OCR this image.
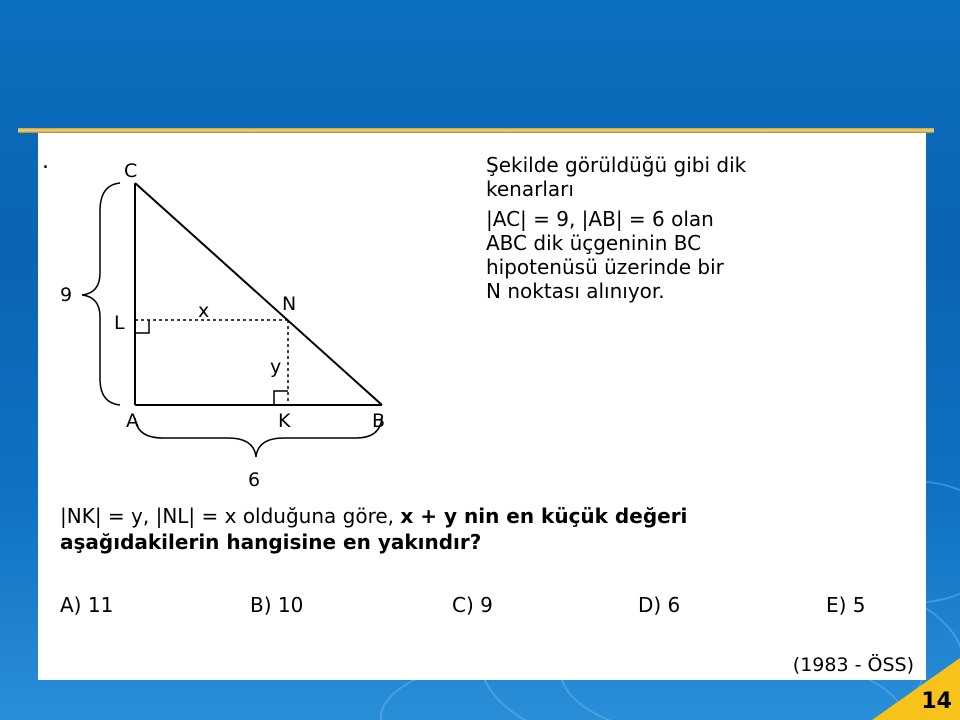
.	C
A	B
L
N
K
x
y
9
6
Şekilde görüldüğü gibi dik
kenarları
|AC| = 9, |AB| = 6 olan
ABC dik üçgeninin BC
hipotenüsü üzerinde bir
N noktası alınıyor.
|NK| = y, |NL| = x olduğuna göre, x + y nin en küçük değeri
aşağıdakilerin hangisine en yakındır?
A) 11	B) 10	C) 9	D) 6	E) 5
(1983 - ÖSS)
14
